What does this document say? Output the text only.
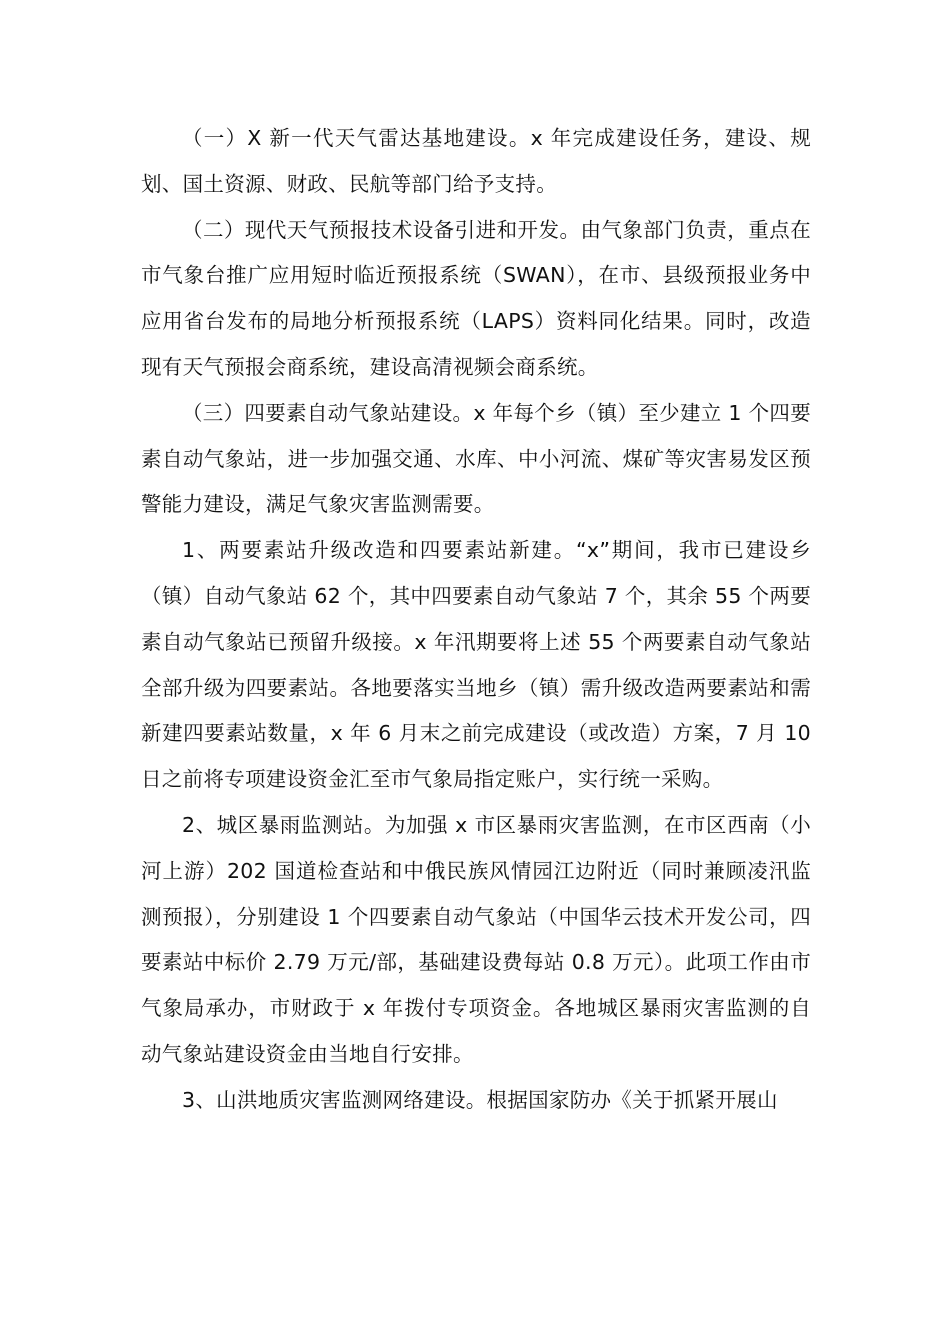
（一）X 新一代天气雷达基地建设。x 年完成建设任务，建设、规划、国土资源、财政、民航等部门给予支持。

（二）现代天气预报技术设备引进和开发。由气象部门负责，重点在市气象台推广应用短时临近预报系统（SWAN），在市、县级预报业务中应用省台发布的局地分析预报系统（LAPS）资料同化结果。同时，改造现有天气预报会商系统，建设高清视频会商系统。

（三）四要素自动气象站建设。x 年每个乡（镇）至少建立 1 个四要素自动气象站，进一步加强交通、水库、中小河流、煤矿等灾害易发区预警能力建设，满足气象灾害监测需要。

1、两要素站升级改造和四要素站新建。“x”期间，我市已建设乡（镇）自动气象站 62 个，其中四要素自动气象站 7 个，其余 55 个两要素自动气象站已预留升级接。x 年汛期要将上述 55 个两要素自动气象站全部升级为四要素站。各地要落实当地乡（镇）需升级改造两要素站和需新建四要素站数量，x 年 6 月末之前完成建设（或改造）方案，7 月 10 日之前将专项建设资金汇至市气象局指定账户，实行统一采购。

2、城区暴雨监测站。为加强 x 市区暴雨灾害监测，在市区西南（小河上游）202 国道检查站和中俄民族风情园江边附近（同时兼顾凌汛监测预报），分别建设 1 个四要素自动气象站（中国华云技术开发公司，四要素站中标价 2.79 万元/部，基础建设费每站 0.8 万元）。此项工作由市气象局承办，市财政于 x 年拨付专项资金。各地城区暴雨灾害监测的自动气象站建设资金由当地自行安排。

3、山洪地质灾害监测网络建设。根据国家防办《关于抓紧开展山
